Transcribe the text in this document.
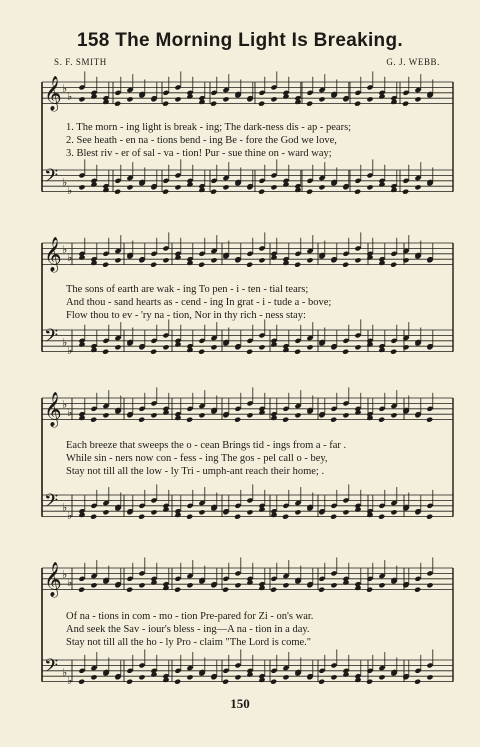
158 The Morning Light Is Breaking.
S. F. SMITH	G. J. WEBB.
𝄞 ♭
♭
𝄢 ♭
♭
𝄞 ♭
♭
𝄢 ♭
♭
𝄞 ♭
♭
𝄢 ♭
♭
𝄞 ♭
♭
𝄢 ♭
♭
1. The morn - ing light is break - ing; The dark-ness dis - ap - pears;
2. See heath - en na - tions bend - ing Be - fore the God we love,
3. Blest riv - er of sal - va - tion! Pur - sue thine on - ward way;
The sons of earth are wak - ing To pen - i - ten - tial tears;
And thou - sand hearts as - cend - ing In grat - i - tude a - bove;
Flow thou to ev - 'ry na - tion, Nor in thy rich - ness stay:
Each breeze that sweeps the o - cean Brings tid - ings from a - far .
While sin - ners now con - fess - ing The gos - pel call o - bey,
Stay not till all the low - ly Tri - umph-ant reach their home; .
Of na - tions in com - mo - tion Pre-pared for Zi - on's war.
And seek the Sav - iour's bless - ing—A na - tion in a day.
Stay not till all the ho - ly Pro - claim "The Lord is come."
150
